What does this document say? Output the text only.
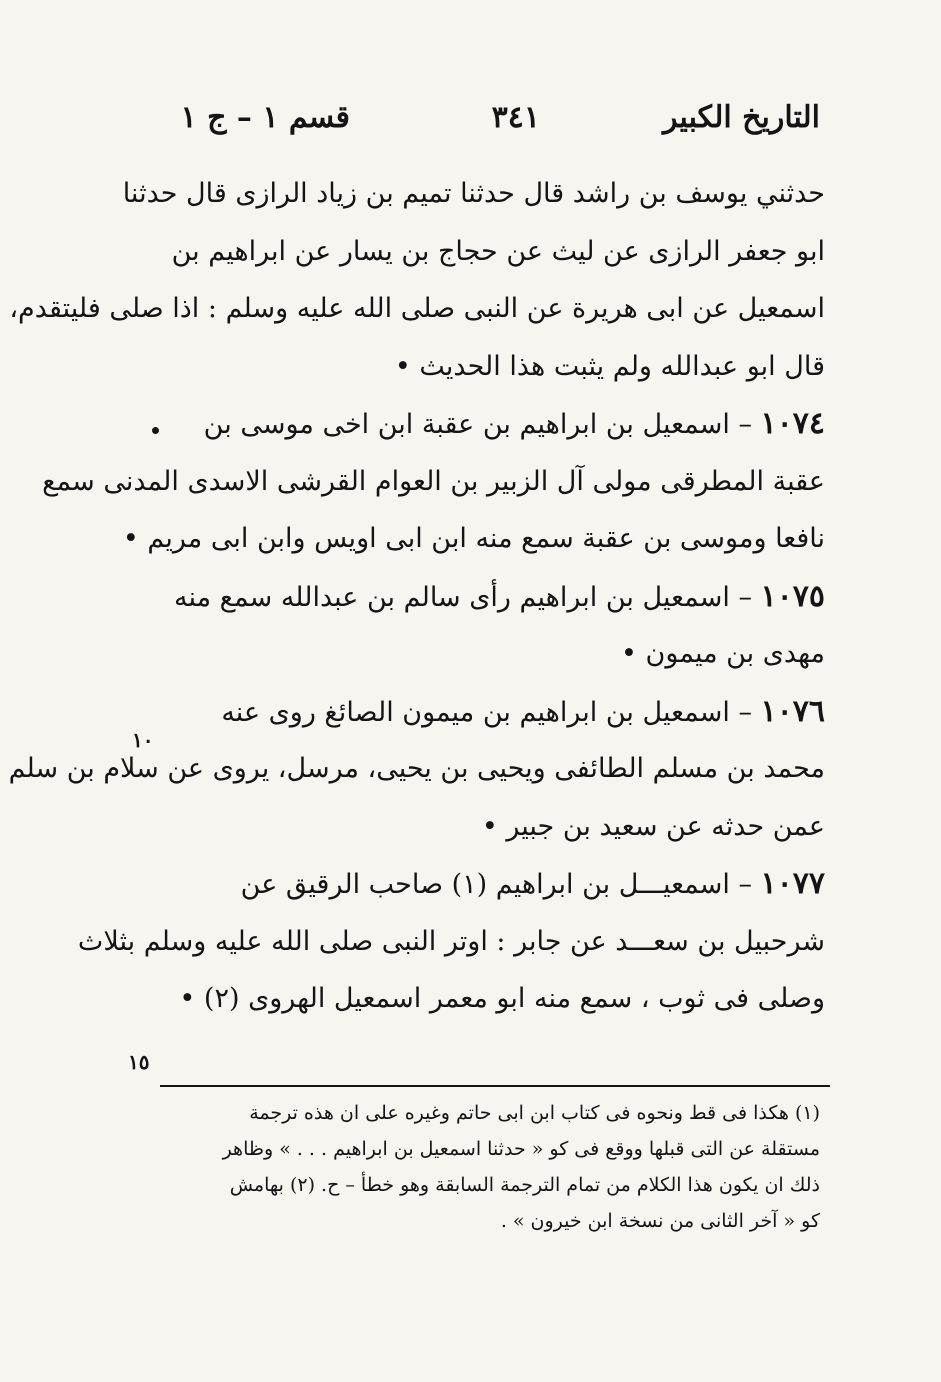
التاريخ الكبير
٣٤١
قسم ١ – ج ١
حدثني يوسف بن راشد قال حدثنا تميم بن زياد الرازى قال حدثنا
ابو جعفر الرازى عن ليث عن حجاج بن يسار عن ابراهيم بن
اسمعيل عن ابى هريرة عن النبى صلى الله عليه وسلم : اذا صلى فليتقدم،
قال ابو عبدالله ولم يثبت هذا الحديث •
١٠٧٤ – اسمعيل بن ابراهيم بن عقبة ابن اخى موسى بن
عقبة المطرقى مولى آل الزبير بن العوام القرشى الاسدى المدنى سمع
نافعا وموسى بن عقبة سمع منه ابن ابى اويس وابن ابى مريم •
١٠٧٥ – اسمعيل بن ابراهيم رأى سالم بن عبدالله سمع منه
مهدى بن ميمون •
١٠٧٦ – اسمعيل بن ابراهيم بن ميمون الصائغ روى عنه
محمد بن مسلم الطائفى ويحيى بن يحيى، مرسل، يروى عن سلام بن سلم
عمن حدثه عن سعيد بن جبير •
١٠٧٧ – اسمعيـــل بن ابراهيم (١) صاحب الرقيق عن
شرحبيل بن سعـــد عن جابر : اوتر النبى صلى الله عليه وسلم بثلاث
وصلى فى ثوب ، سمع منه ابو معمر اسمعيل الهروى (٢) •
١٠
١٥
(١) هكذا فى قط ونحوه فى كتاب ابن ابى حاتم وغيره على ان هذه ترجمة
مستقلة عن التى قبلها ووقع فى كو « حدثنا اسمعيل بن ابراهيم . . . » وظاهر
ذلك ان يكون هذا الكلام من تمام الترجمة السابقة وهو خطأ – ح. (٢) بهامش
كو « آخر الثانى من نسخة ابن خيرون » .
